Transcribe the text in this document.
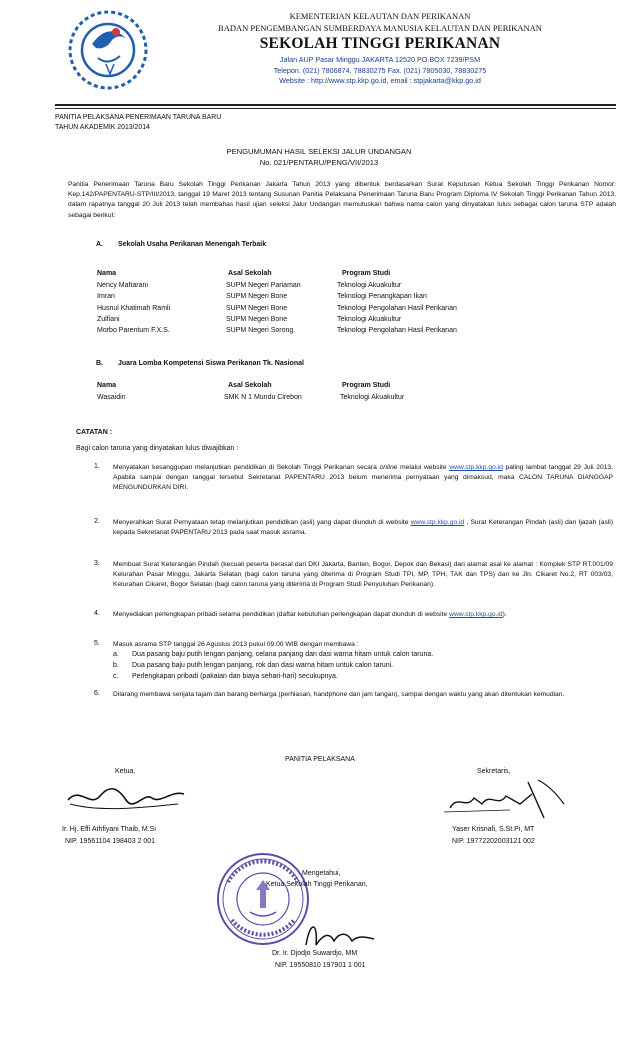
KEMENTERIAN KELAUTAN DAN PERIKANAN
BADAN PENGEMBANGAN SUMBERDAYA MANUSIA KELAUTAN DAN PERIKANAN
SEKOLAH TINGGI PERIKANAN
Jalan AUP Pasar Minggu JAKARTA 12520 PO.BOX 7239/PSM
Telepon. (021) 7806874, 78830275 Fax. (021) 7805030, 78830275
Website : http://www.stp.kkp.go.id, email : stpjakarta@kkp.go.id
PANITIA PELAKSANA PENERIMAAN TARUNA BARU
TAHUN AKADEMIK 2013/2014
PENGUMUMAN HASIL SELEKSI JALUR UNDANGAN
No. 021/PENTARU/PENG/VII/2013
Panitia Penerimaan Taruna Baru Sekolah Tinggi Perikanan Jakarta Tahun 2013 yang dibentuk berdasarkan Surat Keputusan Ketua Sekolah Tinggi Perikanan Nomor: Kep.142/PAPENTARU-STP/III/2013, tanggal 19 Maret 2013 tentang Susunan Panitia Pelaksana Penerimaan Taruna Baru Program Diploma IV Sekolah Tinggi Perikanan Tahun 2013, dalam rapatnya tanggal 20 Juli 2013 telah membahas hasil ujian seleksi Jalur Undangan memutuskan bahwa nama calon yang dinyatakan lulus sebagai calon taruna STP adalah sebagai berikut:
A. Sekolah Usaha Perikanan Menengah Terbaik
Nama	Asal Sekolah	Program Studi
Nency Maharani	SUPM Negeri Pariaman	Teknologi Akuakultur
Imran	SUPM Negeri Bone	Teknologi Penangkapan Ikan
Husnul Khatimah Ramli	SUPM Negeri Bone	Teknologi Pengolahan Hasil Perikanan
Zulfiani	SUPM Negeri Bone	Teknologi Akuakultur
Morbo Parentum F.X.S.	SUPM Negeri Sorong	Teknologi Pengolahan Hasil Perikanan
B. Juara Lomba Kompetensi Siswa Perikanan Tk. Nasional
Nama	Asal Sekolah	Program Studi
Wasaidin	SMK N 1 Mundu Cirebon	Teknologi Akuakultur
CATATAN :
Bagi calon taruna yang dinyatakan lulus diwajibkan :
1. Menyatakan kesanggupan melanjutkan pendidikan di Sekolah Tinggi Perikanan secara online melalui website www.stp.kkp.go.id paling lambat tanggal 29 Juli 2013. Apabila sampai dengan tanggal tersebut Sekretariat PAPENTARU 2013 belum menerima pernyataan yang dimaksud, maka CALON TARUNA DIANGGAP MENGUNDURKAN DIRI.
2. Menyerahkan Surat Pernyataan tetap melanjutkan pendidikan (asli) yang dapat diunduh di website www.stp.kkp.go.id , Surat Keterangan Pindah (asli) dan Ijazah (asli) kepada Sekretariat PAPENTARU 2013 pada saat masuk asrama.
3. Membuat Surat Keterangan Pindah (kecuali peserta berasal dari DKI Jakarta, Banten, Bogor, Depok dan Bekasi) dari alamat asal ke alamat : Komplek STP RT.001/09 Kelurahan Pasar Minggu, Jakarta Selatan (bagi calon taruna yang diterima di Program Studi TPI, MP, TPH, TAK dan TPS) dan ke Jln. Cikaret No.2, RT 003/03, Kelurahan Cikaret, Bogor Selatan (bagi calon taruna yang diterima di Program Studi Penyuluhan Perikanan).
4. Menyediakan perlengkapan pribadi selama pendidikan (daftar kebutuhan perlengkapan dapat diunduh di website www.stp.kkp.go.id).
5. Masuk asrama STP tanggal 26 Agustus 2013 pukul 09.00 WIB dengan membawa :
a. Dua pasang baju putih lengan panjang, celana panjang dan dasi warna hitam untuk calon taruna.
b. Dua pasang baju putih lengan panjang, rok dan dasi warna hitam untuk calon taruni.
c. Perlengkapan pribadi (pakaian dan biaya sehari-hari) secukupnya.
6. Dilarang membawa senjata tajam dan barang berharga (perhiasan, handphone dan jam tangan), sampai dengan waktu yang akan ditentukan kemudian.
PANITIA PELAKSANA
Ketua,	Sekretaris,
Ir. Hj. Effi Athfiyani Thaib, M.Si
NIP. 19561104 198403 2 001
Yaser Krisnafi, S.St.Pi, MT
NIP. 19772202003121 002
Mengetahui,
Ketua Sekolah Tinggi Perikanan,
Dr. Ir. Djodjo Suwardjo, MM
NIP. 19550810 197901 1 001
